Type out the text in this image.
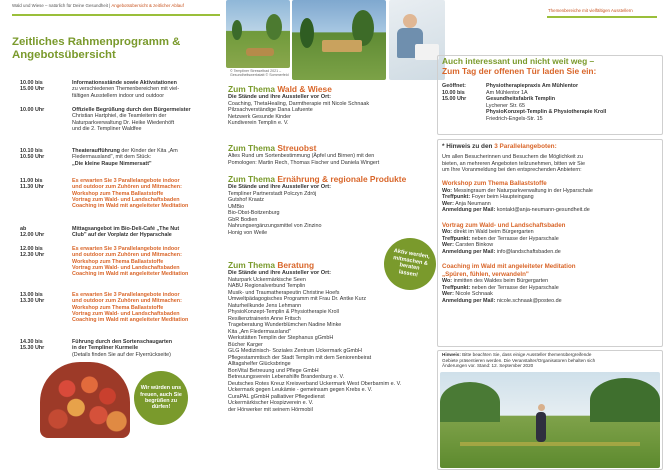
Wald und Wiese – natürlich für Deine Gesundheit | Angebotsübersicht & zeitlicher Ablauf
Themenbereiche mit vielfältigen Ausstellern
Zeitliches Rahmenprogramm & Angebotsübersicht
10.00 bis
15.00 Uhr
Informationsstände sowie Aktivstationen
zu verschiedenen Themenbereichen mit viel-
fältigen Ausstellern indoor und outdoor
10.00 Uhr	Offizielle Begrüßung durch den Bürgermeister
Christian Hartphiel, die Teamleiterin der
Naturparkverwaltung Dr. Heike Wiedenhöft
und die 2. Templiner Waldfee
10.10 bis
10.50 Uhr
Theateraufführung der Kinder der Kita „Am
Fledermausland", mit dem Stück:
„Die kleine Raupe Nimmersatt"
11.00 bis
11.30 Uhr
Es erwarten Sie 3 Parallelangebote indoor
und outdoor zum Zuhören und Mitmachen:
Workshop zum Thema Ballaststoffe
Vortrag zum Wald- und Landschaftsbaden
Coaching im Wald mit angeleiteter Meditation
ab
12.00 Uhr
Mittagsangebot im Bio-Deli-Café „The Nut
Club" auf der Vorplatz der Hyparschale
12.00 bis
12.30 Uhr
Es erwarten Sie 3 Parallelangebote indoor
und outdoor zum Zuhören und Mitmachen:
Workshop zum Thema Ballaststoffe
Vortrag zum Wald- und Landschaftsbaden
Coaching im Wald mit angeleiteter Meditation
13.00 bis
13.30 Uhr
Es erwarten Sie 3 Parallelangebote indoor
und outdoor zum Zuhören und Mitmachen:
Workshop zum Thema Ballaststoffe
Vortrag zum Wald- und Landschaftsbaden
Coaching im Wald mit angeleiteter Meditation
14.30 bis
15.30 Uhr
Führung durch den Sortenschaugarten
in der Templiner Kurmeile
(Details finden Sie auf der Flyerrückseite)
Wir würden uns freuen, auch Sie begrüßen zu dürfen!
© Templiner Stresselbad 2021 – Gesundheitswerkstatt © Sommerfeld
Zum Thema Wald & Wiese
Die Stände und ihre Aussteller vor Ort:
Coaching, ThetaHealing, Darmtherapie mit Nicole Schnaak
Pilzsachverständige Dana Lafuente
Netzwerk Gesunde Kinder
Kundiverein Templin e. V.
Zum Thema Streuobst
Altes Rund um Sortenbestimmung (Äpfel und Birnen) mit den
Pomologen: Martin Rech, Thomas Fischer und Daniela Wingert
Zum Thema Ernährung & regionale Produkte
Die Stände und ihre Aussteller vor Ort:
Templiner Partnerstadt Polczyn Zdrój
Gutshof Kraatz
UMBio
Bio-Obst-Boitzenburg
GbR Bodien
Nahrungsergänzungsmittel von Zinzino
Honig von Weile
Zum Thema Beratung
Die Stände und ihre Aussteller vor Ort:
Naturpark Uckermärkische Seen
NABU Regionalverbund Templin
Musik- und Traumatherapeutin Christine Hoefs
Umweltpädagogisches Programm mit Frau Dr. Antke Kurz
Naturheilkunde Jens Lehmann
PhysioKonzept-Templin & Physiotherapie Kroll
Resilienztrainerin Anne Fritsch
Trageberatung Wunderblümchen Nadine Minke
Kita „Am Fledermausland"
Werkstätten Templin der Stephanus gGmbH
Bücher Karger
GLG Medizinisch- Soziales Zentrum Uckermark gGmbH
Pflegestammtisch der Stadt Templin mit dem Seniorenbeirat
Alltagshelfer Glücksbringe
BonVital Betreuung und Pflege GmbH
Betreuungsverein Lebenshilfe Brandenburg e. V.
Deutsches Rotes Kreuz Kreisverband Uckermark West Oberbarnim e. V.
Uckermark gegen Leukämie - gemeinsam gegen Krebs e. V.
CuraPAL gGmbH palliativer Pflegedienst
Uckermärkischer Hospizverein e. V.
der Hörwerker mit seinem Hörmobil
Aktiv werden, mitmachen & beraten lassen!
Auch interessant und nicht weit weg –
Zum Tag der offenen Tür laden Sie ein:
Geöffnet:
10.00 bis
15.00 Uhr
Physiotherapiepraxis Am Mühlentor
Am Mühlentor 1A
Gesundheitsfabrik Templin
Lychener Str. 65
PhysioKonzept-Templin & Physiotherapie Kroll
Friedrich-Engels-Str. 15
* Hinweis zu den 3 Parallelangeboten:
Um allen Besucherinnen und Besuchern die Möglichkeit zu
bieten, an mehreren Angeboten teilzunehmen, bitten wir Sie
um Ihre Voranmeldung bei den entsprechenden Anbietern:
Workshop zum Thema Ballaststoffe
Wo: Messingraum der Naturparkverwaltung in der Hyparschale
Treffpunkt: Foyer beim Haupteingang
Wer: Anja Neumann
Anmeldung per Mail: kontakt@anja-neumann-gesundheit.de
Vortrag zum Wald- und Landschaftsbaden
Wo: direkt im Wald beim Bürgergarten
Treffpunkt: neben der Terrasse der Hyparschale
Wer: Carsten Binkow
Anmeldung per Mail: info@landschaftsbaden.de
Coaching im Wald mit angeleiteter Meditation
„Spüren, fühlen, verwandeln"
Wo: inmitten des Waldes beim Bürgergarten
Treffpunkt: neben der Terrasse der Hyparschale
Wer: Nicole Schnaak
Anmeldung per Mail: nicole.schnaak@posteo.de
Hinweis: Bitte beachten Sie, dass einige Aussteller themenübergreifende
Gebiete präsentieren werden. Die Veranstalter/Organisatoren behalten sich
Änderungen vor. Stand: 12. September 2020
